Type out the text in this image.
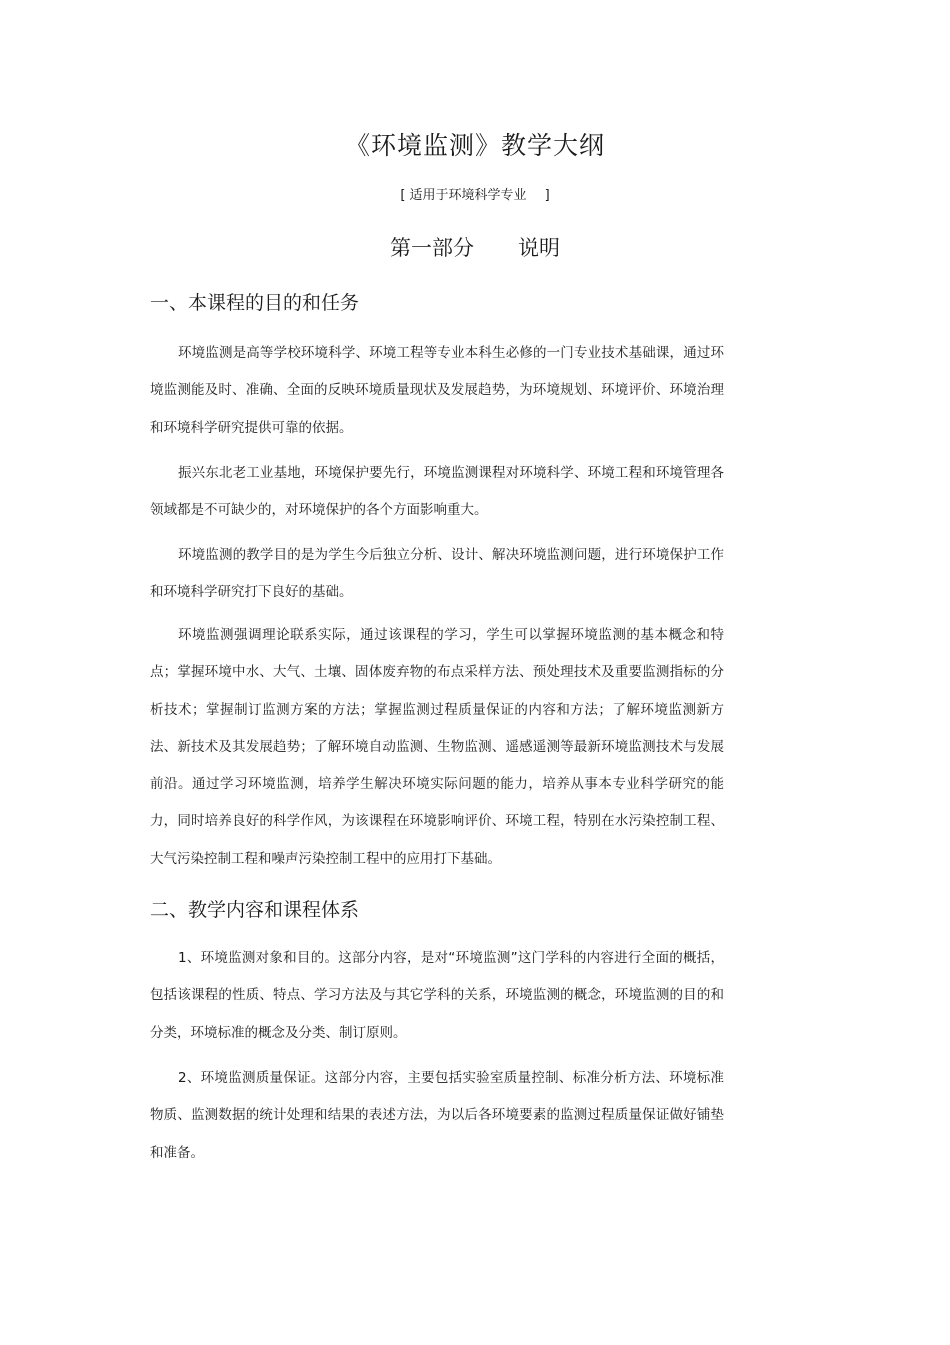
《环境监测》教学大纲
[ 适用于环境科学专业 ]
第一部分 说明
一、本课程的目的和任务

环境监测是高等学校环境科学、环境工程等专业本科生必修的一门专业技术基础课，通过环境监测能及时、准确、全面的反映环境质量现状及发展趋势，为环境规划、环境评价、环境治理和环境科学研究提供可靠的依据。

振兴东北老工业基地，环境保护要先行，环境监测课程对环境科学、环境工程和环境管理各领域都是不可缺少的，对环境保护的各个方面影响重大。

环境监测的教学目的是为学生今后独立分析、设计、解决环境监测问题，进行环境保护工作和环境科学研究打下良好的基础。

环境监测强调理论联系实际，通过该课程的学习，学生可以掌握环境监测的基本概念和特点；掌握环境中水、大气、土壤、固体废弃物的布点采样方法、预处理技术及重要监测指标的分析技术；掌握制订监测方案的方法；掌握监测过程质量保证的内容和方法；了解环境监测新方法、新技术及其发展趋势；了解环境自动监测、生物监测、遥感遥测等最新环境监测技术与发展前沿。通过学习环境监测，培养学生解决环境实际问题的能力，培养从事本专业科学研究的能力，同时培养良好的科学作风，为该课程在环境影响评价、环境工程，特别在水污染控制工程、大气污染控制工程和噪声污染控制工程中的应用打下基础。

二、教学内容和课程体系

1、环境监测对象和目的。这部分内容，是对“环境监测”这门学科的内容进行全面的概括，包括该课程的性质、特点、学习方法及与其它学科的关系，环境监测的概念，环境监测的目的和分类，环境标准的概念及分类、制订原则。

2、环境监测质量保证。这部分内容，主要包括实验室质量控制、标准分析方法、环境标准物质、监测数据的统计处理和结果的表述方法，为以后各环境要素的监测过程质量保证做好铺垫和准备。
